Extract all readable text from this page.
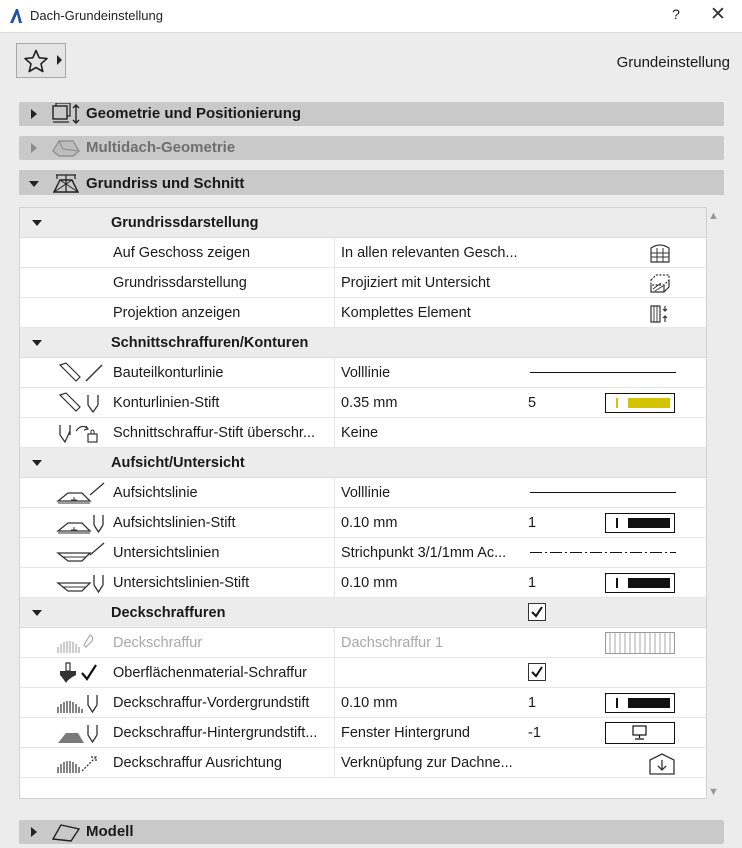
Dach-Grundeinstellung	?	✕
Grundeinstellung
Geometrie und Positionierung
Multidach-Geometrie
Grundriss und Schnitt
Grundrissdarstellung
Auf Geschoss zeigen	In allen relevanten Gesch...
Grundrissdarstellung	Projiziert mit Untersicht
Projektion anzeigen	Komplettes Element
Schnittschraffuren/Konturen
Bauteilkonturlinie	Volllinie
Konturlinien-Stift	0.35 mm	5
Schnittschraffur-Stift überschr... Keine
Aufsicht/Untersicht
Aufsichtslinie	Volllinie
Aufsichtslinien-Stift	0.10 mm	1
Untersichtslinien	Strichpunkt 3/1/1mm Ac...
Untersichtslinien-Stift	0.10 mm	1
Deckschraffuren
Deckschraffur	Dachschraffur 1
Oberflächenmaterial-Schraffur
Deckschraffur-Vordergrundstift 0.10 mm	1
Deckschraffur-Hintergrundstift... Fenster Hintergrund	-1
Deckschraffur Ausrichtung	Verknüpfung zur Dachne...
▲
▼
Modell
